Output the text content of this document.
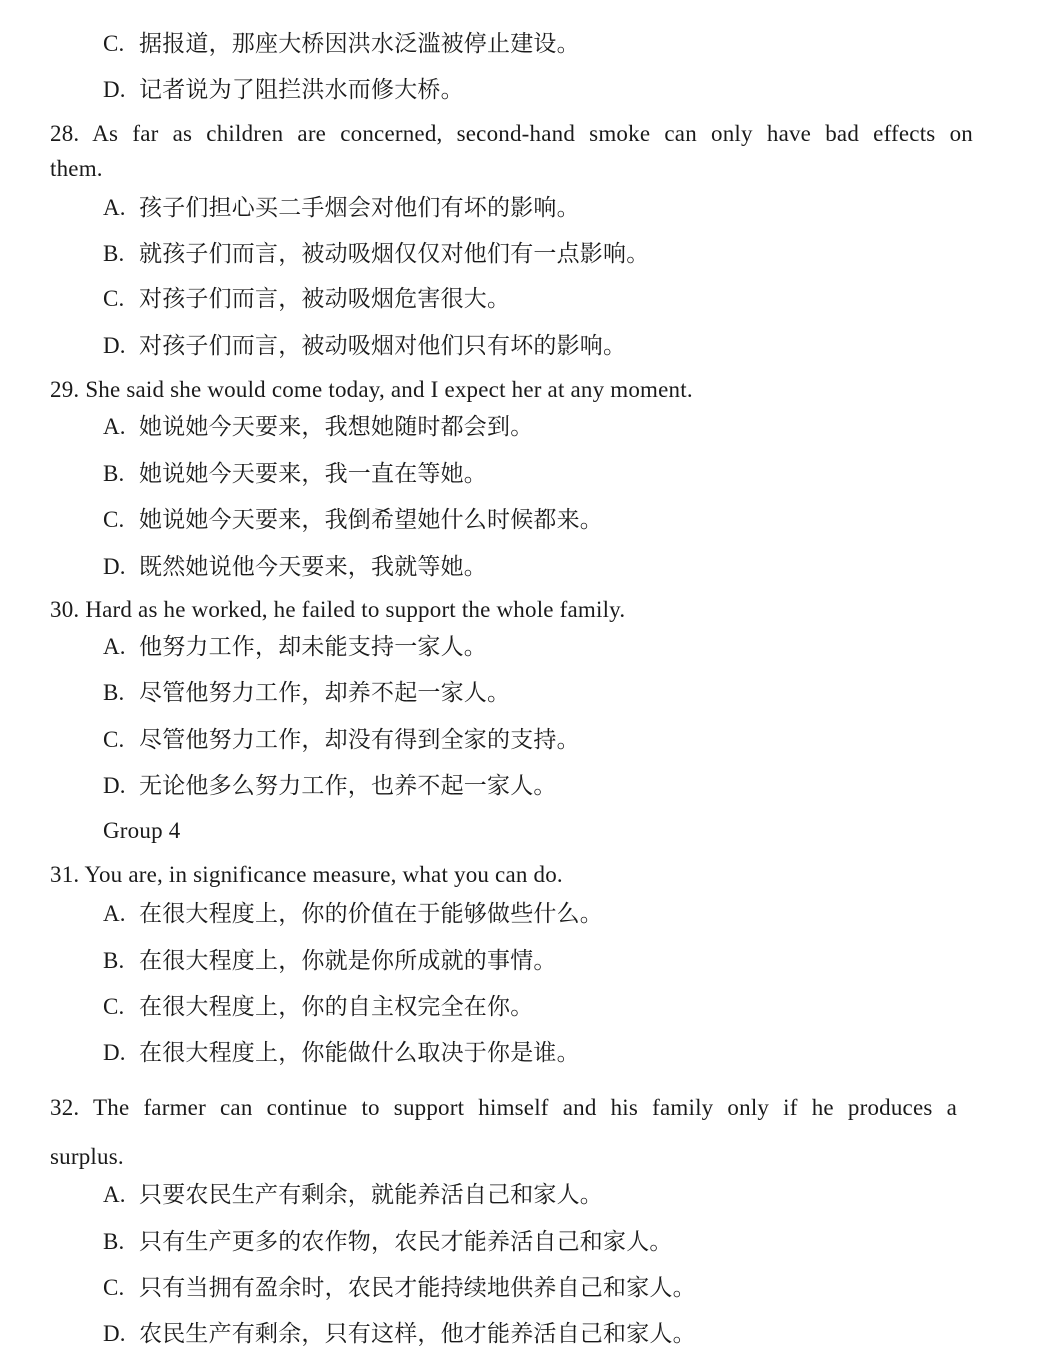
C. 据报道，那座大桥因洪水泛滥被停止建设。
D. 记者说为了阻拦洪水而修大桥。
28. As far as children are concerned, second-hand smoke can only have bad effects on
them.
A. 孩子们担心买二手烟会对他们有坏的影响。
B. 就孩子们而言，被动吸烟仅仅对他们有一点影响。
C. 对孩子们而言，被动吸烟危害很大。
D. 对孩子们而言，被动吸烟对他们只有坏的影响。
29. She said she would come today, and I expect her at any moment.
A. 她说她今天要来，我想她随时都会到。
B. 她说她今天要来，我一直在等她。
C. 她说她今天要来，我倒希望她什么时候都来。
D. 既然她说他今天要来，我就等她。
30. Hard as he worked, he failed to support the whole family.
A. 他努力工作，却未能支持一家人。
B. 尽管他努力工作，却养不起一家人。
C. 尽管他努力工作，却没有得到全家的支持。
D. 无论他多么努力工作，也养不起一家人。
Group 4
31. You are, in significance measure, what you can do.
A. 在很大程度上，你的价值在于能够做些什么。
B. 在很大程度上，你就是你所成就的事情。
C. 在很大程度上，你的自主权完全在你。
D. 在很大程度上，你能做什么取决于你是谁。
32. The farmer can continue to support himself and his family only if he produces a
surplus.
A. 只要农民生产有剩余，就能养活自己和家人。
B. 只有生产更多的农作物，农民才能养活自己和家人。
C. 只有当拥有盈余时，农民才能持续地供养自己和家人。
D. 农民生产有剩余，只有这样，他才能养活自己和家人。
